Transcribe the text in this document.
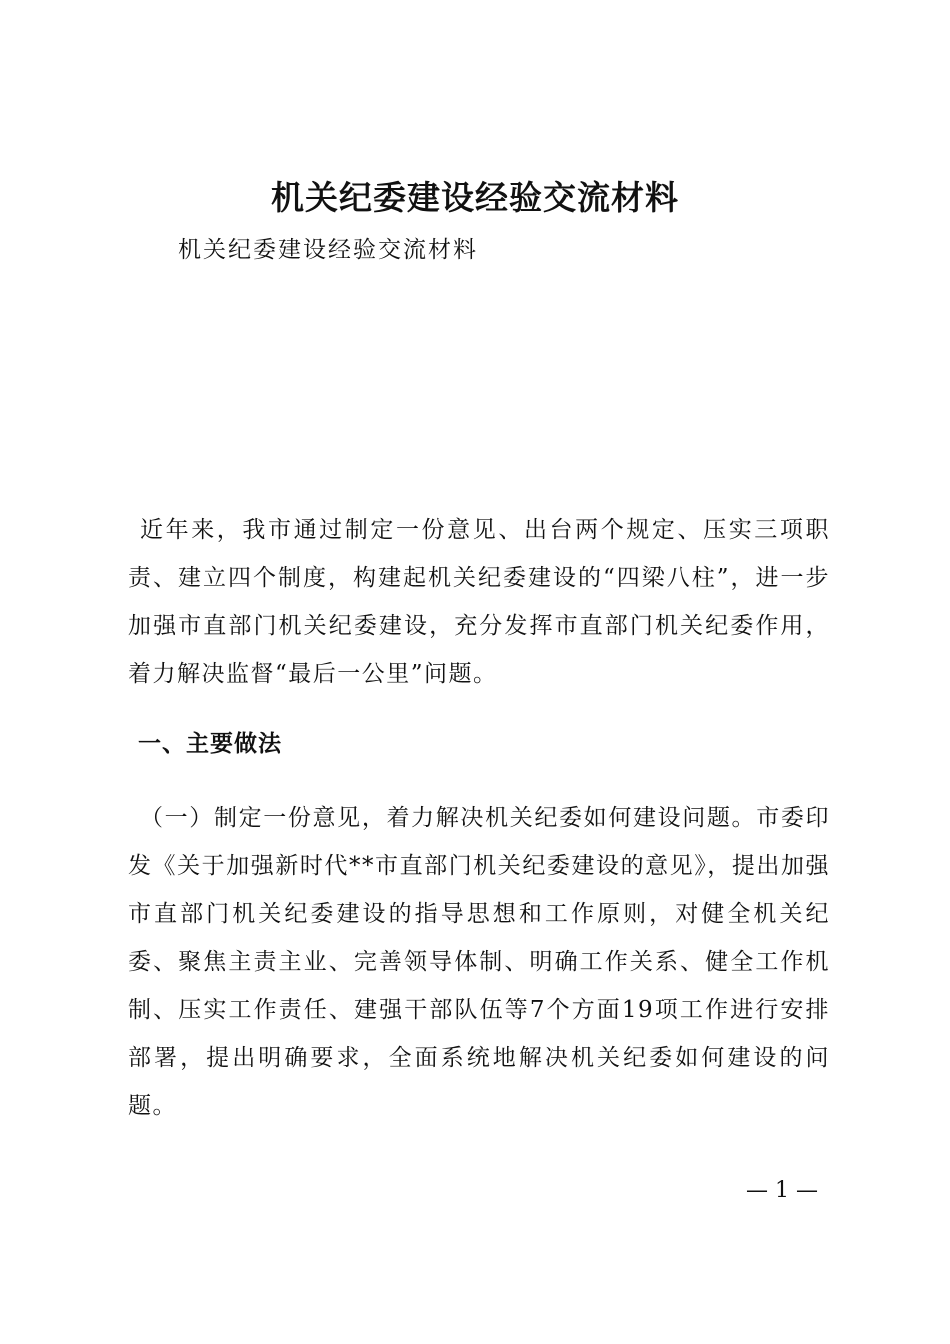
机关纪委建设经验交流材料
机关纪委建设经验交流材料

近年来，我市通过制定一份意见、出台两个规定、压实三项职责、建立四个制度，构建起机关纪委建设的“四梁八柱”，进一步加强市直部门机关纪委建设，充分发挥市直部门机关纪委作用，着力解决监督“最后一公里”问题。

一、主要做法

（一）制定一份意见，着力解决机关纪委如何建设问题。市委印发《关于加强新时代**市直部门机关纪委建设的意见》，提出加强市直部门机关纪委建设的指导思想和工作原则，对健全机关纪委、聚焦主责主业、完善领导体制、明确工作关系、健全工作机制、压实工作责任、建强干部队伍等7个方面19项工作进行安排部署，提出明确要求，全面系统地解决机关纪委如何建设的问题。

— 1 —
